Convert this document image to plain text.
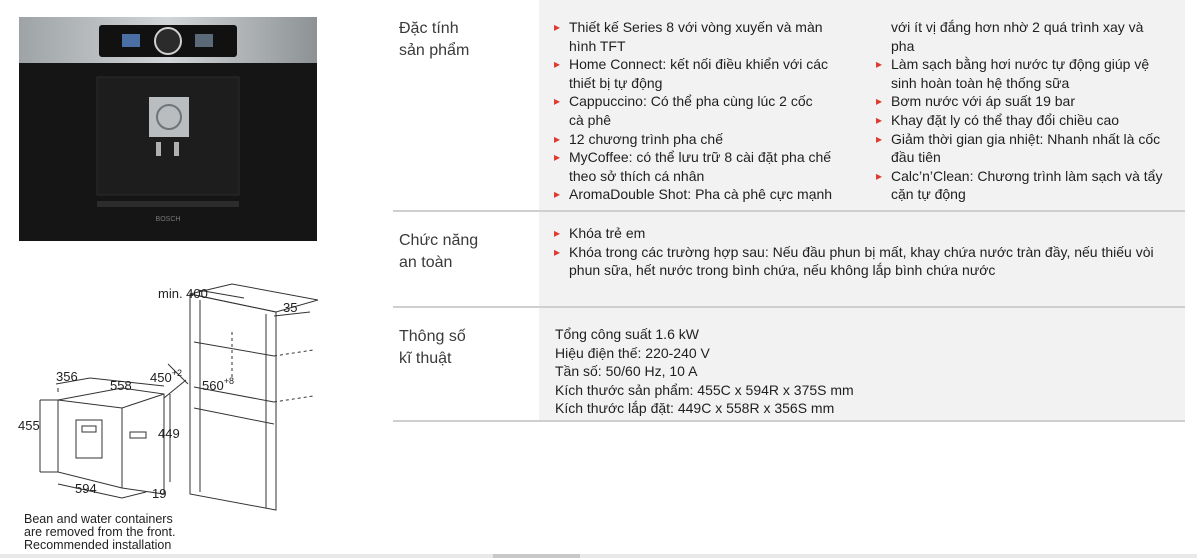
BOSCH
min. 400
35
$450^{+2}$
$560^{+8}$
356
558
455
449
594	19
Bean and water containers
are removed from the front.
Recommended installation
Đặc tính
sản phẩm
▸ Thiết kế Series 8 với vòng xuyến và màn
hình TFT
▸ Home Connect: kết nối điều khiển với các
thiết bị tự động
▸ Cappuccino: Có thể pha cùng lúc 2 cốc
cà phê
▸ 12 chương trình pha chế
▸ MyCoffee: có thể lưu trữ 8 cài đặt pha chế
theo sở thích cá nhân
▸ AromaDouble Shot: Pha cà phê cực mạnh
với ít vị đắng hơn nhờ 2 quá trình xay và
pha
▸ Làm sạch bằng hơi nước tự động giúp vệ
sinh hoàn toàn hệ thống sữa
▸ Bơm nước với áp suất 19 bar
▸ Khay đặt ly có thể thay đổi chiều cao
▸ Giảm thời gian gia nhiệt: Nhanh nhất là cốc
đầu tiên
▸ Calc’n’Clean: Chương trình làm sạch và tẩy
cặn tự động
Chức năng
an toàn
▸ Khóa trẻ em
▸ Khóa trong các trường hợp sau: Nếu đầu phun bị mất, khay chứa nước tràn đầy, nếu thiếu vòi
phun sữa, hết nước trong bình chứa, nếu không lắp bình chứa nước
Thông số
kĩ thuật

Tổng công suất 1.6 kW

Hiệu điện thế: 220-240 V

Tần số: 50/60 Hz, 10 A

Kích thước sản phẩm: 455C x 594R x 375S mm

Kích thước lắp đặt: 449C x 558R x 356S mm
